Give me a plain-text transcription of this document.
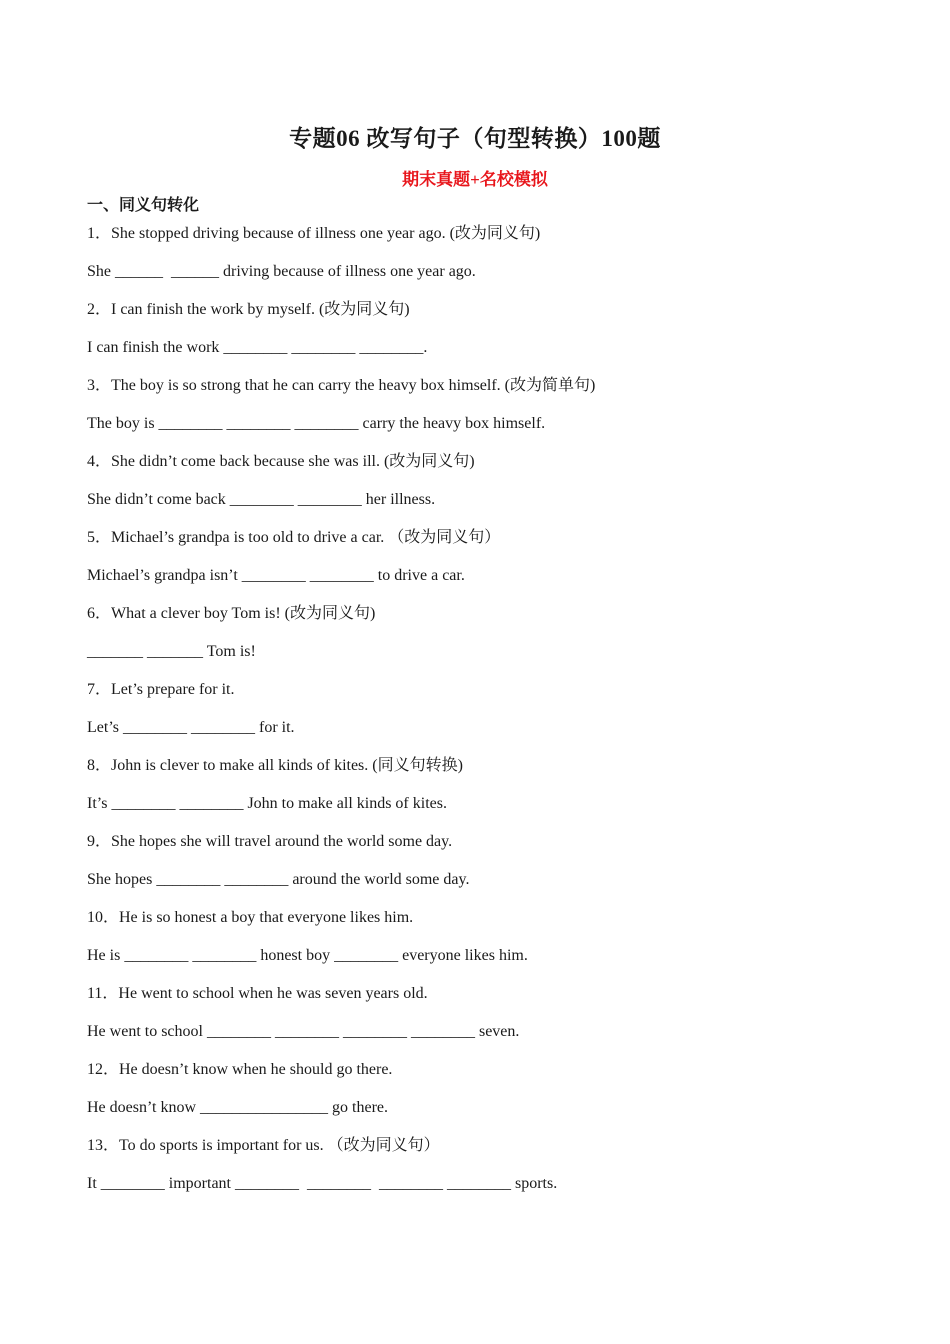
专题06 改写句子（句型转换）100题
期末真题+名校模拟
一、同义句转化
1．She stopped driving because of illness one year ago. (改为同义句)
She ______  ______ driving because of illness one year ago.
2．I can finish the work by myself. (改为同义句)
I can finish the work ________ ________ ________.
3．The boy is so strong that he can carry the heavy box himself. (改为简单句)
The boy is ________ ________ ________ carry the heavy box himself.
4．She didn’t come back because she was ill. (改为同义句)
She didn’t come back ________ ________ her illness.
5．Michael’s grandpa is too old to drive a car. （改为同义句）
Michael’s grandpa isn’t ________ ________ to drive a car.
6．What a clever boy Tom is! (改为同义句)
_______ _______ Tom is!
7．Let’s prepare for it.
Let’s ________ ________ for it.
8．John is clever to make all kinds of kites. (同义句转换)
It’s ________ ________ John to make all kinds of kites.
9．She hopes she will travel around the world some day.
She hopes ________ ________ around the world some day.
10．He is so honest a boy that everyone likes him.
He is ________ ________ honest boy ________ everyone likes him.
11．He went to school when he was seven years old.
He went to school ________ ________ ________ ________ seven.
12．He doesn’t know when he should go there.
He doesn’t know ________________ go there.
13．To do sports is important for us. （改为同义句）
It ________ important ________  ________  ________ ________ sports.
